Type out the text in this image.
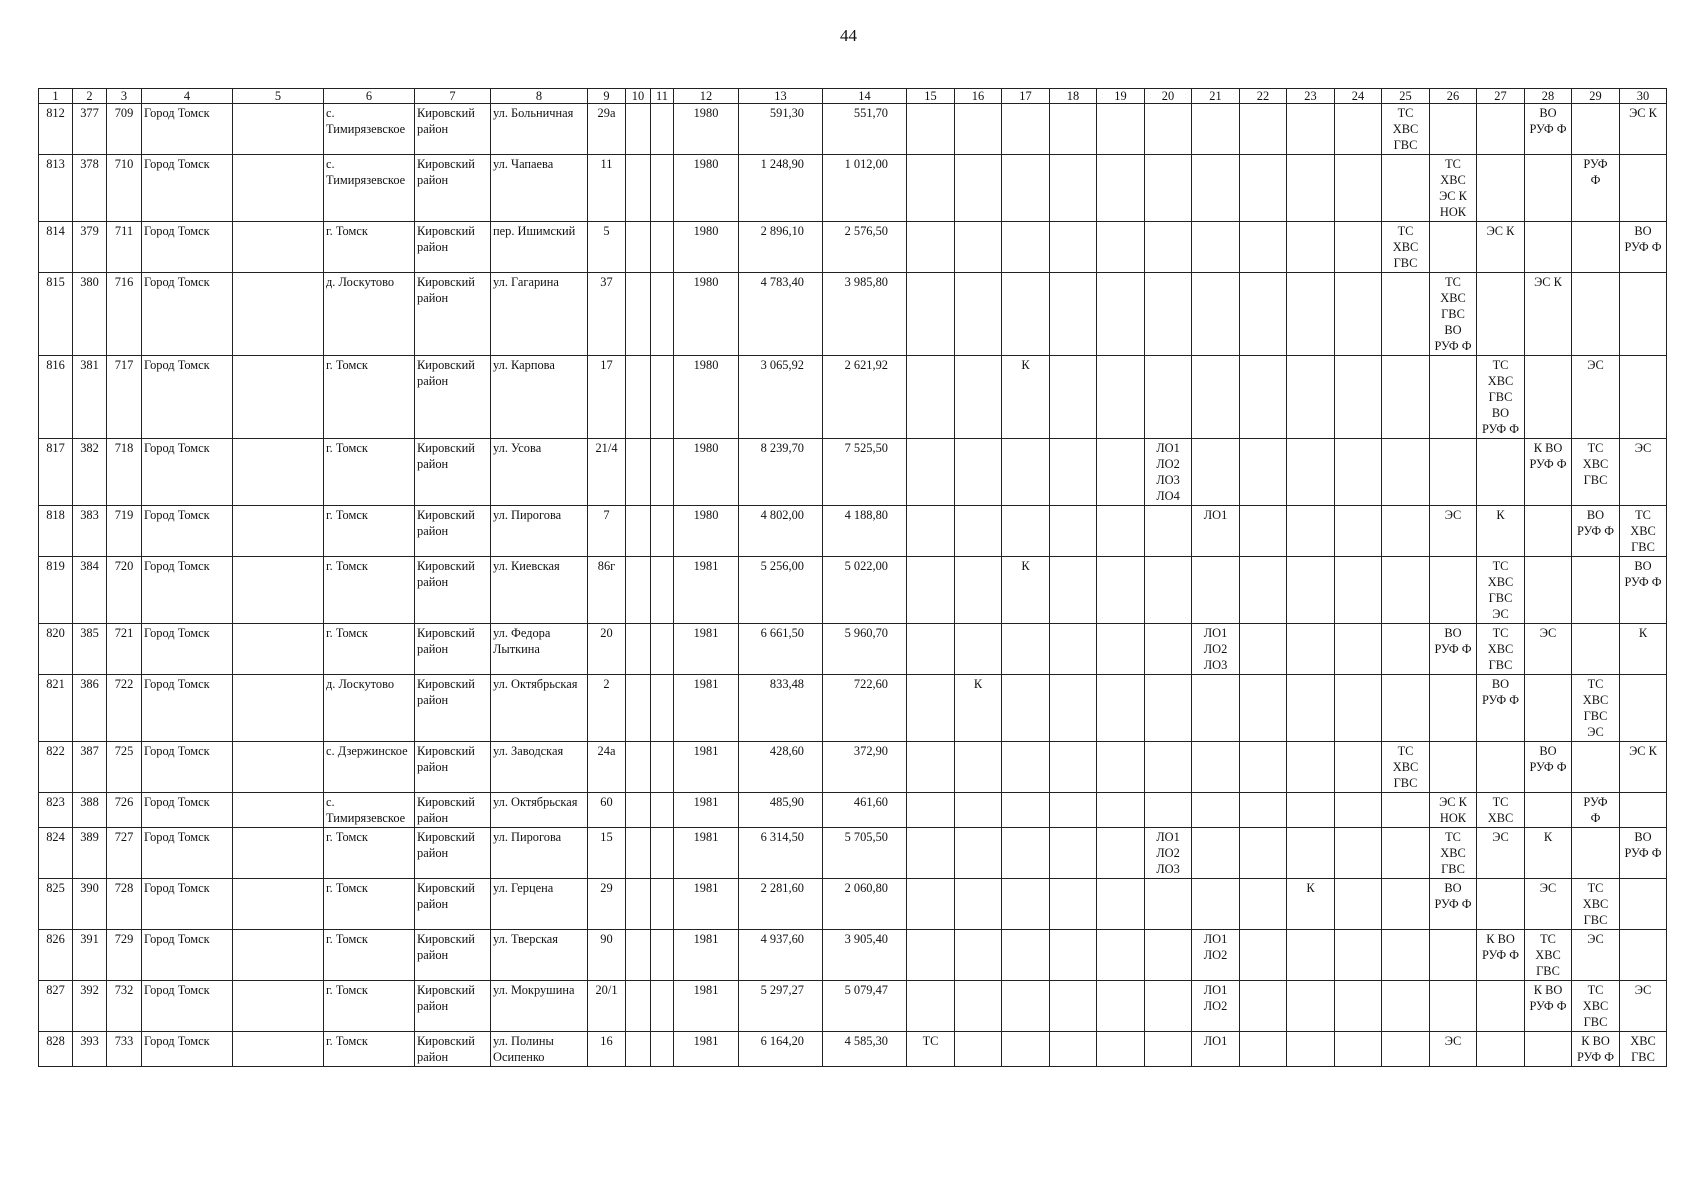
44
1	2	3	4	5	6	7	8	9	10	11	12	13	14	15	16	17	18	19	20	21	22	23	24	25	26	27	28	29	30
812	377	709	Город Томск		с. Тимирязевское	Кировский район	ул. Больничная	29а			1980	591,30	551,70											ТС
ХВС
ГВС			ВО
РУФ Ф		ЭС К
813	378	710	Город Томск		с. Тимирязевское	Кировский район	ул. Чапаева	11			1980	1 248,90	1 012,00												ТС
ХВС
ЭС К
НОК			РУФ
Ф	
814	379	711	Город Томск		г. Томск	Кировский район	пер. Ишимский	5			1980	2 896,10	2 576,50											ТС
ХВС
ГВС		ЭС К			ВО
РУФ Ф
815	380	716	Город Томск		д. Лоскутово	Кировский район	ул. Гагарина	37			1980	4 783,40	3 985,80												ТС
ХВС
ГВС
ВО
РУФ Ф		ЭС К		
816	381	717	Город Томск		г. Томск	Кировский район	ул. Карпова	17			1980	3 065,92	2 621,92			К										ТС
ХВС
ГВС
ВО
РУФ Ф		ЭС	
817	382	718	Город Томск		г. Томск	Кировский район	ул. Усова	21/4			1980	8 239,70	7 525,50						ЛО1
ЛО2
ЛО3
ЛО4								К ВО
РУФ Ф	ТС
ХВС
ГВС	ЭС
818	383	719	Город Томск		г. Томск	Кировский район	ул. Пирогова	7			1980	4 802,00	4 188,80							ЛО1					ЭС	К		ВО
РУФ Ф	ТС
ХВС
ГВС
819	384	720	Город Томск		г. Томск	Кировский район	ул. Киевская	86г			1981	5 256,00	5 022,00			К										ТС
ХВС
ГВС
ЭС			ВО
РУФ Ф
820	385	721	Город Томск		г. Томск	Кировский район	ул. Федора Лыткина	20			1981	6 661,50	5 960,70							ЛО1
ЛО2
ЛО3					ВО
РУФ Ф	ТС
ХВС
ГВС	ЭС		К
821	386	722	Город Томск		д. Лоскутово	Кировский район	ул. Октябрьская	2			1981	833,48	722,60		К											ВО
РУФ Ф		ТС
ХВС
ГВС
ЭС	
822	387	725	Город Томск		с. Дзержинское	Кировский район	ул. Заводская	24а			1981	428,60	372,90											ТС
ХВС
ГВС			ВО
РУФ Ф		ЭС К
823	388	726	Город Томск		с. Тимирязевское	Кировский район	ул. Октябрьская	60			1981	485,90	461,60												ЭС К
НОК	ТС
ХВС		РУФ
Ф	
824	389	727	Город Томск		г. Томск	Кировский район	ул. Пирогова	15			1981	6 314,50	5 705,50						ЛО1
ЛО2
ЛО3						ТС
ХВС
ГВС	ЭС	К		ВО
РУФ Ф
825	390	728	Город Томск		г. Томск	Кировский район	ул. Герцена	29			1981	2 281,60	2 060,80									К			ВО
РУФ Ф		ЭС	ТС
ХВС
ГВС	
826	391	729	Город Томск		г. Томск	Кировский район	ул. Тверская	90			1981	4 937,60	3 905,40							ЛО1
ЛО2						К ВО
РУФ Ф	ТС
ХВС
ГВС	ЭС	
827	392	732	Город Томск		г. Томск	Кировский район	ул. Мокрушина	20/1			1981	5 297,27	5 079,47							ЛО1
ЛО2							К ВО
РУФ Ф	ТС
ХВС
ГВС	ЭС
828	393	733	Город Томск		г. Томск	Кировский район	ул. Полины Осипенко	16			1981	6 164,20	4 585,30	ТС						ЛО1					ЭС			К ВО
РУФ Ф	ХВС
ГВС
